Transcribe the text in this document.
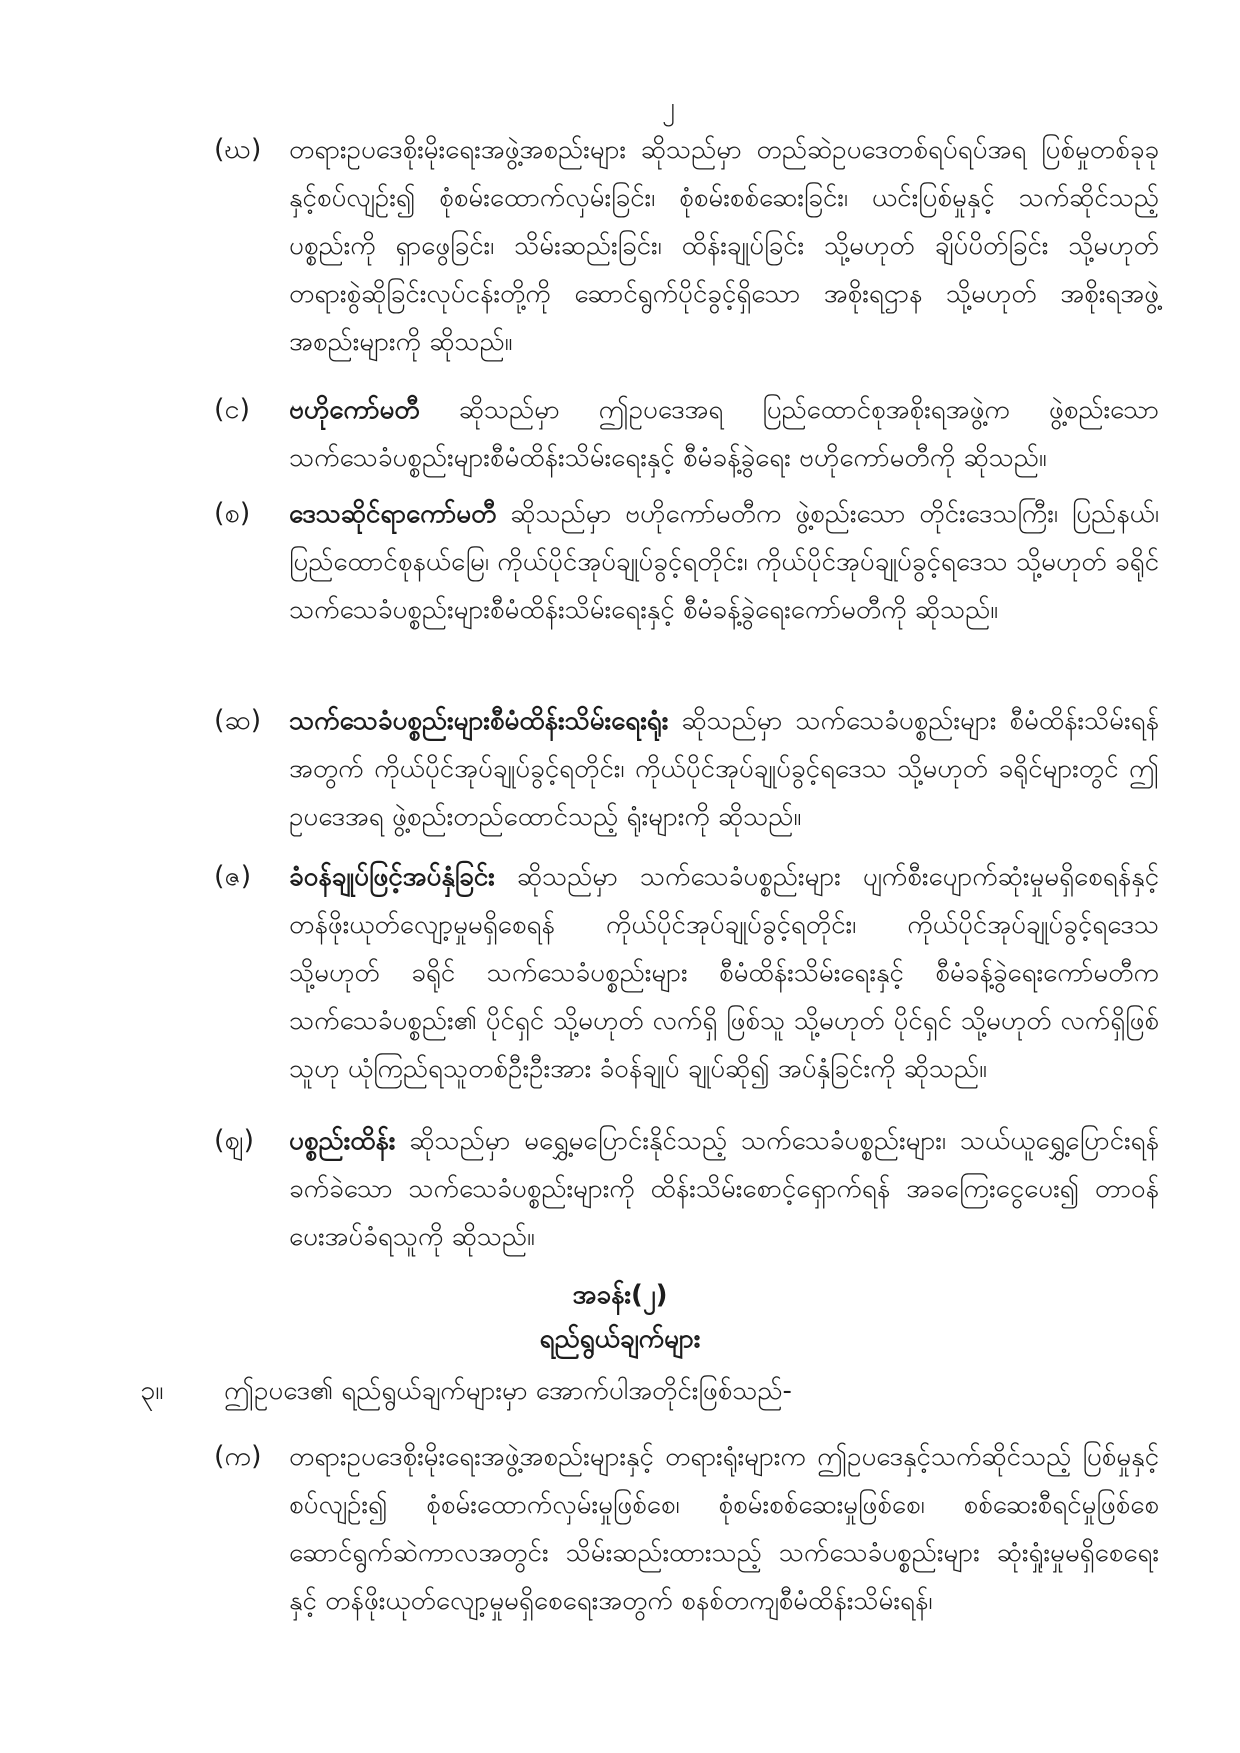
၂
(ဃ) တရားဥပဒေစိုးမိုးရေးအဖွဲ့အစည်းများ ဆိုသည်မှာ တည်ဆဲဥပဒေတစ်ရပ်ရပ်အရ ပြစ်မှုတစ်ခုခုနှင့်စပ်လျဉ်း၍ စုံစမ်းထောက်လှမ်းခြင်း၊ စုံစမ်းစစ်ဆေးခြင်း၊ ယင်းပြစ်မှုနှင့် သက်ဆိုင်သည့် ပစ္စည်းကို ရှာဖွေခြင်း၊ သိမ်းဆည်းခြင်း၊ ထိန်းချုပ်ခြင်း သို့မဟုတ် ချိပ်ပိတ်ခြင်း သို့မဟုတ် တရားစွဲဆိုခြင်းလုပ်ငန်းတို့ကို ဆောင်ရွက်ပိုင်ခွင့်ရှိသော အစိုးရဌာန သို့မဟုတ် အစိုးရအဖွဲ့အစည်းများကို ဆိုသည်။
(င) ဗဟိုကော်မတီ ဆိုသည်မှာ ဤဥပဒေအရ ပြည်ထောင်စုအစိုးရအဖွဲ့က ဖွဲ့စည်းသော သက်သေခံပစ္စည်းများစီမံထိန်းသိမ်းရေးနှင့် စီမံခန့်ခွဲရေး ဗဟိုကော်မတီကို ဆိုသည်။
(စ) ဒေသဆိုင်ရာကော်မတီ ဆိုသည်မှာ ဗဟိုကော်မတီက ဖွဲ့စည်းသော တိုင်းဒေသကြီး၊ ပြည်နယ်၊ ပြည်ထောင်စုနယ်မြေ၊ ကိုယ်ပိုင်အုပ်ချုပ်ခွင့်ရတိုင်း၊ ကိုယ်ပိုင်အုပ်ချုပ်ခွင့်ရဒေသ သို့မဟုတ် ခရိုင် သက်သေခံပစ္စည်းများစီမံထိန်းသိမ်းရေးနှင့် စီမံခန့်ခွဲရေးကော်မတီကို ဆိုသည်။
(ဆ) သက်သေခံပစ္စည်းများစီမံထိန်းသိမ်းရေးရုံး ဆိုသည်မှာ သက်သေခံပစ္စည်းများ စီမံထိန်းသိမ်းရန်အတွက် ကိုယ်ပိုင်အုပ်ချုပ်ခွင့်ရတိုင်း၊ ကိုယ်ပိုင်အုပ်ချုပ်ခွင့်ရဒေသ သို့မဟုတ် ခရိုင်များတွင် ဤဥပဒေအရ ဖွဲ့စည်းတည်ထောင်သည့် ရုံးများကို ဆိုသည်။
(ဇ) ခံဝန်ချုပ်ဖြင့်အပ်နှံခြင်း ဆိုသည်မှာ သက်သေခံပစ္စည်းများ ပျက်စီးပျောက်ဆုံးမှုမရှိစေရန်နှင့် တန်ဖိုးယုတ်လျော့မှုမရှိစေရန် ကိုယ်ပိုင်အုပ်ချုပ်ခွင့်ရတိုင်း၊ ကိုယ်ပိုင်အုပ်ချုပ်ခွင့်ရဒေသ သို့မဟုတ် ခရိုင် သက်သေခံပစ္စည်းများ စီမံထိန်းသိမ်းရေးနှင့် စီမံခန့်ခွဲရေးကော်မတီက သက်သေခံပစ္စည်း၏ ပိုင်ရှင် သို့မဟုတ် လက်ရှိ ဖြစ်သူ သို့မဟုတ် ပိုင်ရှင် သို့မဟုတ် လက်ရှိဖြစ်သူဟု ယုံကြည်ရသူတစ်ဦးဦးအား ခံဝန်ချုပ် ချုပ်ဆို၍ အပ်နှံခြင်းကို ဆိုသည်။
(ဈ) ပစ္စည်းထိန်း ဆိုသည်မှာ မရွှေ့မပြောင်းနိုင်သည့် သက်သေခံပစ္စည်းများ၊ သယ်ယူရွှေ့ပြောင်းရန်ခက်ခဲသော သက်သေခံပစ္စည်းများကို ထိန်းသိမ်းစောင့်ရှောက်ရန် အခကြေးငွေပေး၍ တာဝန်ပေးအပ်ခံရသူကို ဆိုသည်။
အခန်း(၂)
ရည်ရွယ်ချက်များ
၃။ ဤဥပဒေ၏ ရည်ရွယ်ချက်များမှာ အောက်ပါအတိုင်းဖြစ်သည်-
(က) တရားဥပဒေစိုးမိုးရေးအဖွဲ့အစည်းများနှင့် တရားရုံးများက ဤဥပဒေနှင့်သက်ဆိုင်သည့် ပြစ်မှုနှင့်စပ်လျဉ်း၍ စုံစမ်းထောက်လှမ်းမှုဖြစ်စေ၊ စုံစမ်းစစ်ဆေးမှုဖြစ်စေ၊ စစ်ဆေးစီရင်မှုဖြစ်စေ ဆောင်ရွက်ဆဲကာလအတွင်း သိမ်းဆည်းထားသည့် သက်သေခံပစ္စည်းများ ဆုံးရှုံးမှုမရှိစေရေးနှင့် တန်ဖိုးယုတ်လျော့မှုမရှိစေရေးအတွက် စနစ်တကျစီမံထိန်းသိမ်းရန်၊
